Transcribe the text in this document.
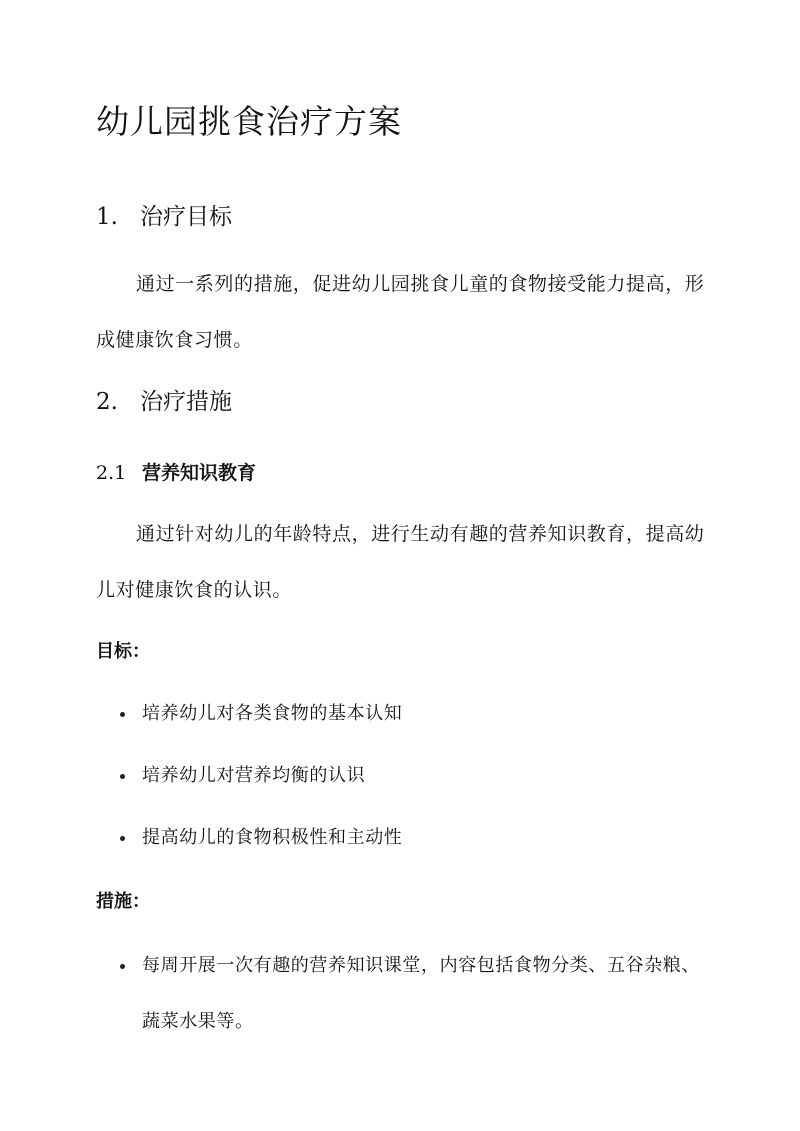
幼儿园挑食治疗方案
1. 治疗目标

通过一系列的措施，促进幼儿园挑食儿童的食物接受能力提高，形成健康饮食习惯。

2. 治疗措施
2.1 营养知识教育

通过针对幼儿的年龄特点，进行生动有趣的营养知识教育，提高幼儿对健康饮食的认识。

目标：

培养幼儿对各类食物的基本认知
培养幼儿对营养均衡的认识
提高幼儿的食物积极性和主动性

措施：

每周开展一次有趣的营养知识课堂，内容包括食物分类、五谷杂粮、蔬菜水果等。
